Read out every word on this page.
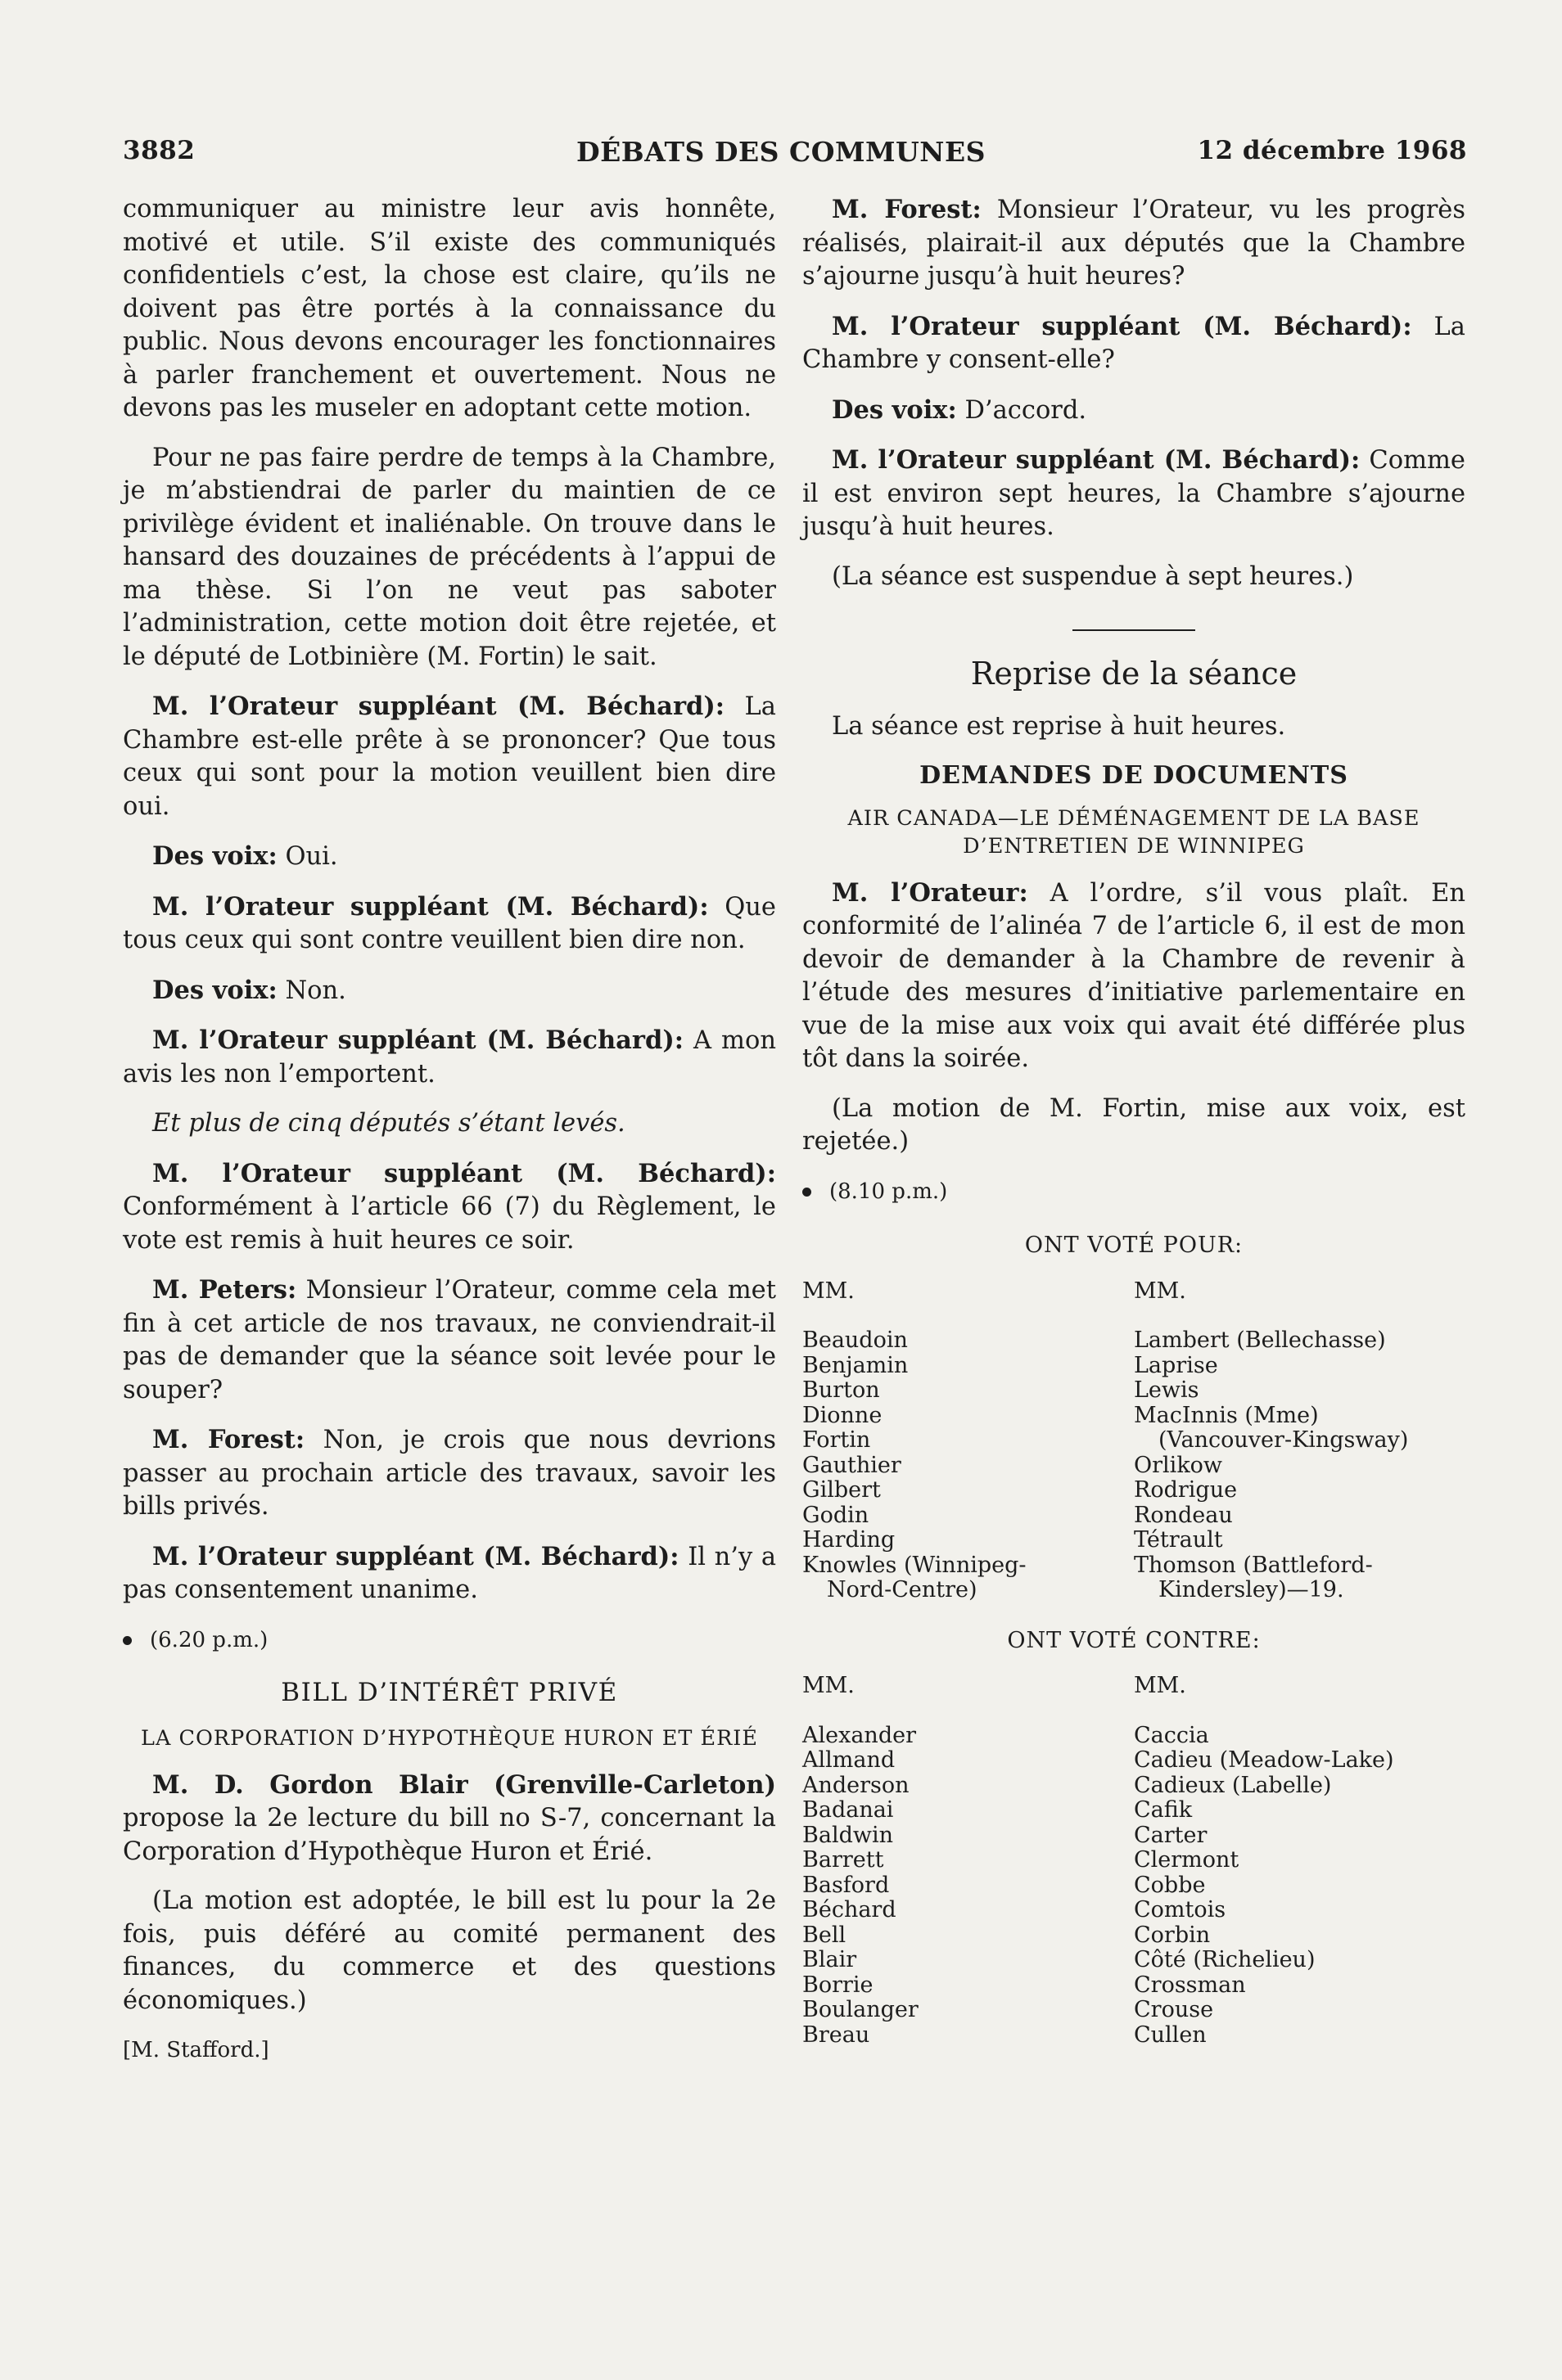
DÉBATS DES COMMUNES
3882	12 décembre 1968

communiquer au ministre leur avis honnête, motivé et utile. S’il existe des communiqués confidentiels c’est, la chose est claire, qu’ils ne doivent pas être portés à la connaissance du public. Nous devons encourager les fonctionnaires à parler franchement et ouvertement. Nous ne devons pas les museler en adoptant cette motion.

Pour ne pas faire perdre de temps à la Chambre, je m’abstiendrai de parler du maintien de ce privilège évident et inaliénable. On trouve dans le hansard des douzaines de précédents à l’appui de ma thèse. Si l’on ne veut pas saboter l’administration, cette motion doit être rejetée, et le député de Lotbinière (M. Fortin) le sait.

M. l’Orateur suppléant (M. Béchard): La Chambre est-elle prête à se prononcer? Que tous ceux qui sont pour la motion veuillent bien dire oui.

Des voix: Oui.

M. l’Orateur suppléant (M. Béchard): Que tous ceux qui sont contre veuillent bien dire non.

Des voix: Non.

M. l’Orateur suppléant (M. Béchard): A mon avis les non l’emportent.

Et plus de cinq députés s’étant levés.

M. l’Orateur suppléant (M. Béchard): Conformément à l’article 66 (7) du Règlement, le vote est remis à huit heures ce soir.

M. Peters: Monsieur l’Orateur, comme cela met fin à cet article de nos travaux, ne conviendrait-il pas de demander que la séance soit levée pour le souper?

M. Forest: Non, je crois que nous devrions passer au prochain article des travaux, savoir les bills privés.

M. l’Orateur suppléant (M. Béchard): Il n’y a pas consentement unanime.

(6.20 p.m.)
BILL D’INTÉRÊT PRIVÉ
LA CORPORATION D’HYPOTHÈQUE HURON ET ÉRIÉ

M. D. Gordon Blair (Grenville-Carleton) propose la 2e lecture du bill no S-7, concernant la Corporation d’Hypothèque Huron et Érié.

(La motion est adoptée, le bill est lu pour la 2e fois, puis déféré au comité permanent des finances, du commerce et des questions économiques.)

[M. Stafford.]

M. Forest: Monsieur l’Orateur, vu les progrès réalisés, plairait-il aux députés que la Chambre s’ajourne jusqu’à huit heures?

M. l’Orateur suppléant (M. Béchard): La Chambre y consent-elle?

Des voix: D’accord.

M. l’Orateur suppléant (M. Béchard): Comme il est environ sept heures, la Chambre s’ajourne jusqu’à huit heures.

(La séance est suspendue à sept heures.)

Reprise de la séance

La séance est reprise à huit heures.

DEMANDES DE DOCUMENTS
AIR CANADA—LE DÉMÉNAGEMENT DE LA BASE D’ENTRETIEN DE WINNIPEG

M. l’Orateur: A l’ordre, s’il vous plaît. En conformité de l’alinéa 7 de l’article 6, il est de mon devoir de demander à la Chambre de revenir à l’étude des mesures d’initiative parlementaire en vue de la mise aux voix qui avait été différée plus tôt dans la soirée.

(La motion de M. Fortin, mise aux voix, est rejetée.)

(8.10 p.m.)
ONT VOTÉ POUR:
MM.
Beaudoin
Benjamin
Burton
Dionne
Fortin
Gauthier
Gilbert
Godin
Harding
Knowles (Winnipeg-
Nord-Centre)
MM.
Lambert (Bellechasse)
Laprise
Lewis
MacInnis (Mme)
(Vancouver-Kingsway)
Orlikow
Rodrigue
Rondeau
Tétrault
Thomson (Battleford-
Kindersley)—19.
ONT VOTÉ CONTRE:
MM.
Alexander
Allmand
Anderson
Badanai
Baldwin
Barrett
Basford
Béchard
Bell
Blair
Borrie
Boulanger
Breau
MM.
Caccia
Cadieu (Meadow-Lake)
Cadieux (Labelle)
Cafik
Carter
Clermont
Cobbe
Comtois
Corbin
Côté (Richelieu)
Crossman
Crouse
Cullen
